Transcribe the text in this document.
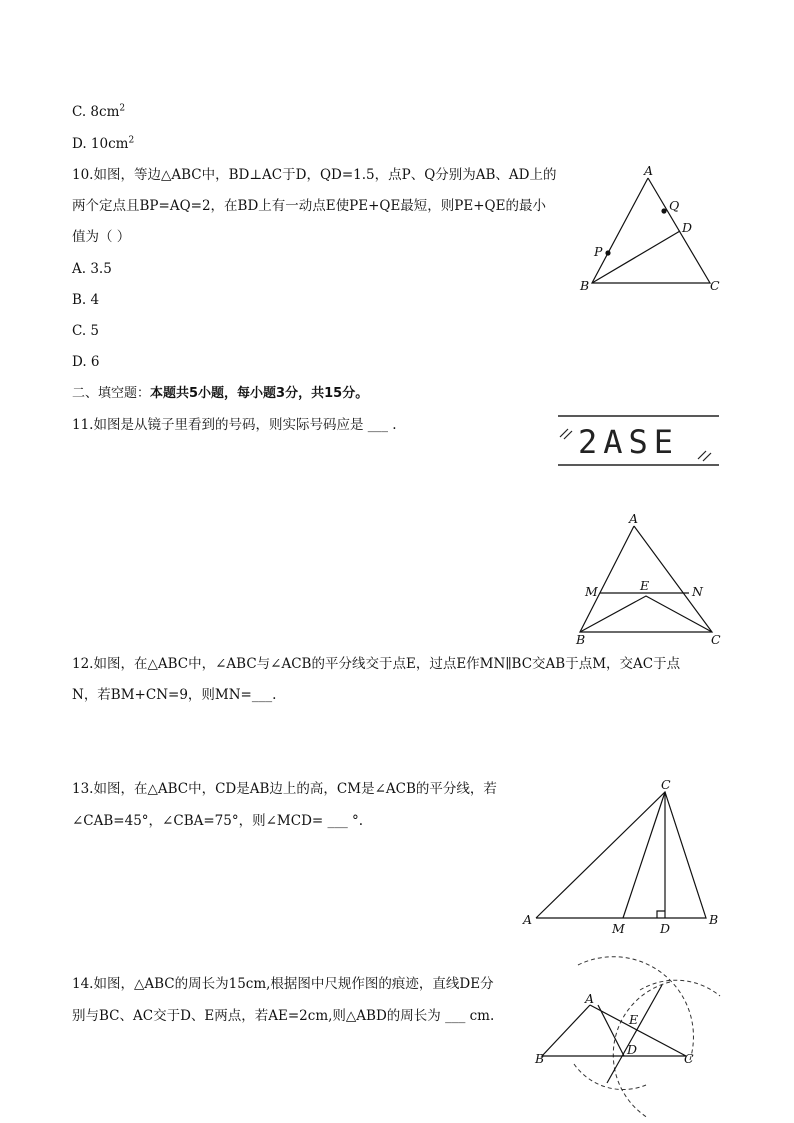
C. $8cm^2$
D. $10cm^2$
10.如图，等边△ABC中，BD⊥AC于D，QD=1.5，点P、Q分别为AB、AD上的
两个定点且BP=AQ=2，在BD上有一动点E使PE+QE最短，则PE+QE的最小
值为（ ）
A. 3.5
B. 4
C. 5
D. 6
A
B	C
D
P
Q
二、填空题：本题共5小题，每小题3分，共15分。
11.如图是从镜子里看到的号码，则实际号码应是 ___ .	2ASE
A
B	C
E
M	N
12.如图，在△ABC中，∠ABC与∠ACB的平分线交于点E，过点E作MN∥BC交AB于点M，交AC于点
N，若BM+CN=9，则MN=___.
13.如图，在△ABC中，CD是AB边上的高，CM是∠ACB的平分线，若
∠CAB=45°，∠CBA=75°，则∠MCD= ___ °.
C
A	B
M	D
14.如图，△ABC的周长为15cm,根据图中尺规作图的痕迹，直线DE分
别与BC、AC交于D、E两点，若AE=2cm,则△ABD的周长为 ___ cm.
A
B	C
D
E
